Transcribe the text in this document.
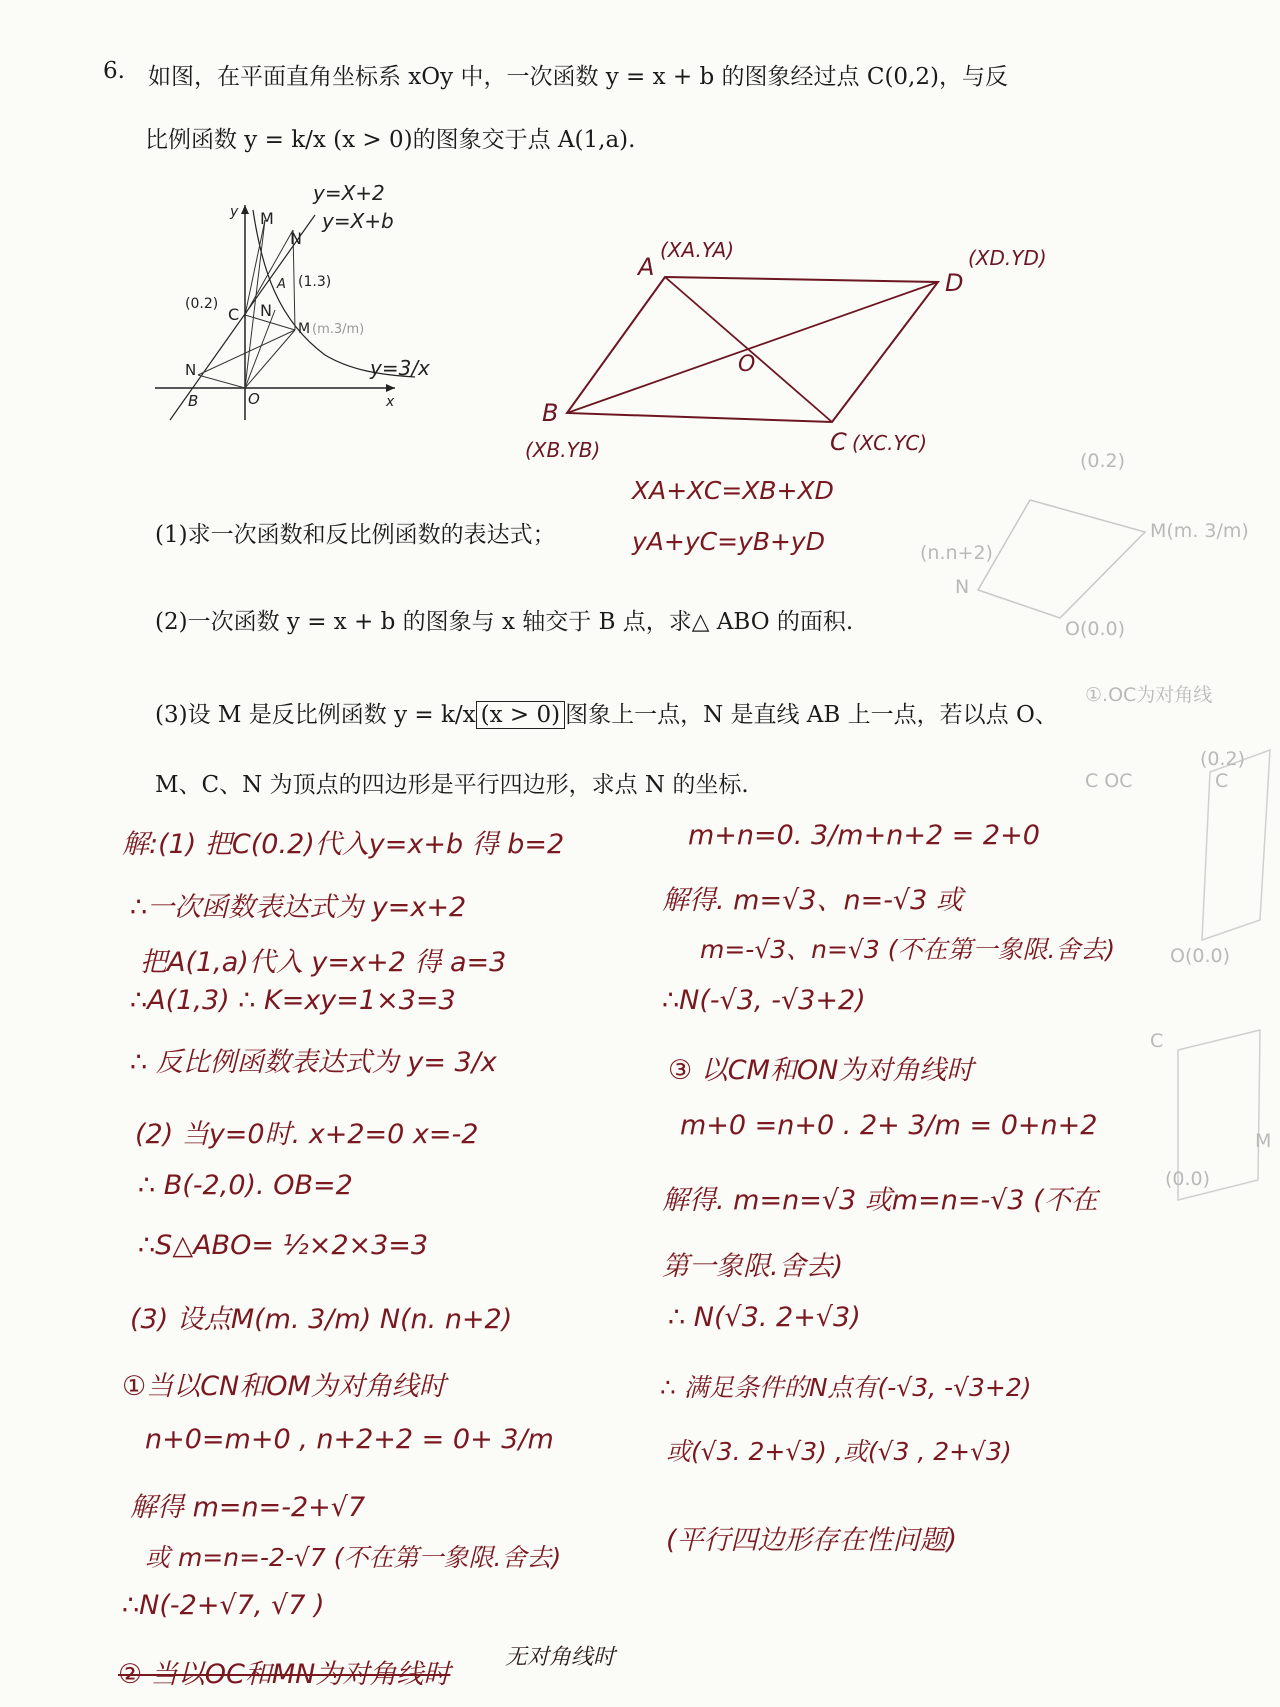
6. 如图，在平面直角坐标系 xOy 中，一次函数 y = x + b 的图象经过点 C(0,2)，与反
比例函数 y = k/x (x > 0)的图象交于点 A(1,a).
y=X+2
y=X+b
y=3/x
y
x
M
N
A (1.3)
(0.2)
C N
M (m.3/m)
N
B	O
A
(XA.YA)
D
(XD.YD)
B
(XB.YB)	C (XC.YC)
O
XA+XC=XB+XD
yA+yC=yB+yD
(1)求一次函数和反比例函数的表达式；
(2)一次函数 y = x + b 的图象与 x 轴交于 B 点，求△ ABO 的面积.
(3)设 M 是反比例函数 y = k/x (x > 0) 图象上一点，N 是直线 AB 上一点，若以点 O、
M、C、N 为顶点的四边形是平行四边形，求点 N 的坐标.
解:(1) 把C(0.2)代入y=x+b 得 b=2
∴一次函数表达式为 y=x+2
把A(1,a)代入 y=x+2 得 a=3
∴A(1,3) ∴ K=xy=1×3=3
∴ 反比例函数表达式为 y= 3/x
(2) 当y=0时. x+2=0 x=-2
∴ B(-2,0). OB=2
∴S△ABO= ½×2×3=3
(3) 设点M(m. 3/m) N(n. n+2)
①当以CN和OM为对角线时
n+0=m+0 , n+2+2 = 0+ 3/m
解得 m=n=-2+√7
或 m=n=-2-√7 (不在第一象限.舍去)
∴N(-2+√7, √7 )
② 当以OC和MN为对角线时
无对角线时
m+n=0. 3/m+n+2 = 2+0
解得. m=√3、n=-√3 或
m=-√3、n=√3 (不在第一象限.舍去)
∴N(-√3, -√3+2)
③ 以CM和ON为对角线时
m+0 =n+0 . 2+ 3/m = 0+n+2
解得. m=n=√3 或m=n=-√3 (不在
第一象限.舍去)
∴ N(√3. 2+√3)
∴ 满足条件的N点有(-√3, -√3+2)
或(√3. 2+√3) ,或(√3 , 2+√3)
(平行四边形存在性问题)
(0.2)
M(m. 3/m)
(n.n+2)
N
O(0.0)
①.OC为对角线
(0.2)
C
C OC
O(0.0)
M
(0.0)
C
